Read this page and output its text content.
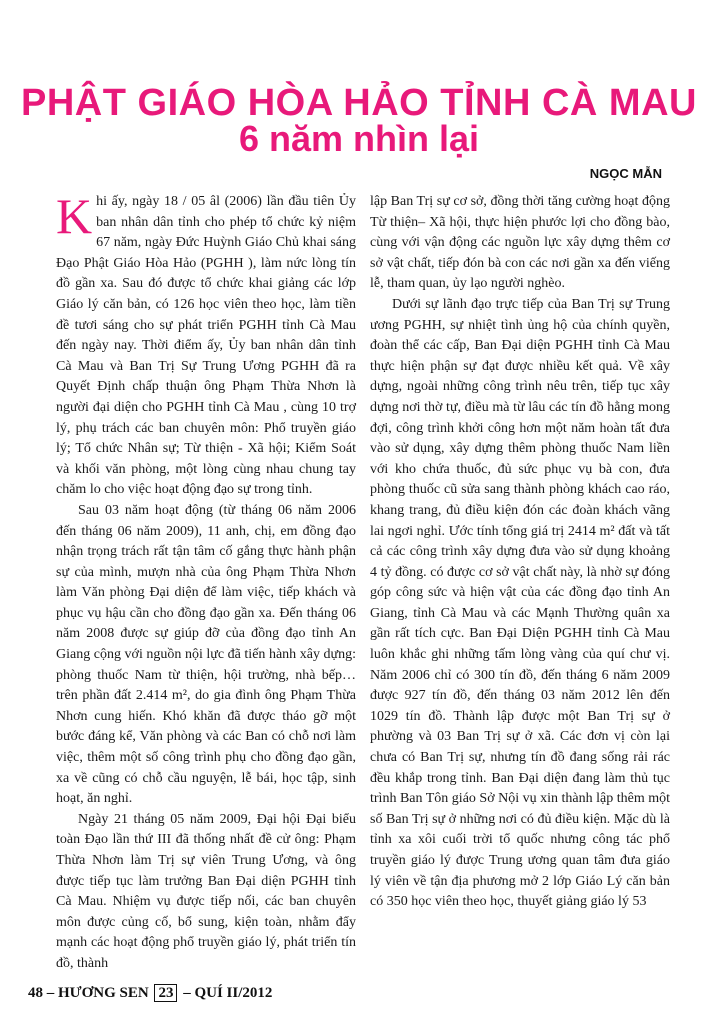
PHẬT GIÁO HÒA HẢO TỈNH CÀ MAU
6 năm nhìn lại
NGỌC MẪN

Khi ấy, ngày 18 / 05 âl (2006) lần đầu tiên Ủy ban nhân dân tỉnh cho phép tổ chức kỷ niệm 67 năm, ngày Đức Huỳnh Giáo Chủ khai sáng Đạo Phật Giáo Hòa Hảo (PGHH ), làm nức lòng tín đồ gần xa. Sau đó được tổ chức khai giảng các lớp Giáo lý căn bản, có 126 học viên theo học, làm tiền đề tươi sáng cho sự phát triển PGHH tỉnh Cà Mau đến ngày nay. Thời điểm ấy, Ủy ban nhân dân tỉnh Cà Mau và Ban Trị Sự Trung Ương PGHH đã ra Quyết Định chấp thuận ông Phạm Thừa Nhơn là người đại diện cho PGHH tỉnh Cà Mau , cùng 10 trợ lý, phụ trách các ban chuyên môn: Phổ truyền giáo lý; Tổ chức Nhân sự; Từ thiện - Xã hội; Kiểm Soát và khối văn phòng, một lòng cùng nhau chung tay chăm lo cho việc hoạt động đạo sự trong tỉnh.

Sau 03 năm hoạt động (từ tháng 06 năm 2006 đến tháng 06 năm 2009), 11 anh, chị, em đồng đạo nhận trọng trách rất tận tâm cố gắng thực hành phận sự của mình, mượn nhà của ông Phạm Thừa Nhơn làm Văn phòng Đại diện để làm việc, tiếp khách và phục vụ hậu cần cho đồng đạo gần xa. Đến tháng 06 năm 2008 được sự giúp đỡ của đồng đạo tỉnh An Giang cộng với nguồn nội lực đã tiến hành xây dựng: phòng thuốc Nam từ thiện, hội trường, nhà bếp… trên phần đất 2.414 m², do gia đình ông Phạm Thừa Nhơn cung hiến. Khó khăn đã được tháo gỡ một bước đáng kể, Văn phòng và các Ban có chỗ nơi làm việc, thêm một số công trình phụ cho đồng đạo gần, xa về cũng có chỗ cầu nguyện, lễ bái, học tập, sinh hoạt, ăn nghỉ.

Ngày 21 tháng 05 năm 2009, Đại hội Đại biểu toàn Đạo lần thứ III đã thống nhất đề cử ông: Phạm Thừa Nhơn làm Trị sự viên Trung Ương, và ông được tiếp tục làm trưởng Ban Đại diện PGHH tỉnh Cà Mau. Nhiệm vụ được tiếp nối, các ban chuyên môn được củng cố, bổ sung, kiện toàn, nhằm đẩy mạnh các hoạt động phổ truyền giáo lý, phát triển tín đồ, thành

lập Ban Trị sự cơ sở, đồng thời tăng cường hoạt động Từ thiện– Xã hội, thực hiện phước lợi cho đồng bào, cùng với vận động các nguồn lực xây dựng thêm cơ sở vật chất, tiếp đón bà con các nơi gần xa đến viếng lễ, tham quan, ủy lạo người nghèo.

Dưới sự lãnh đạo trực tiếp của Ban Trị sự Trung ương PGHH, sự nhiệt tình ủng hộ của chính quyền, đoàn thể các cấp, Ban Đại diện PGHH tỉnh Cà Mau thực hiện phận sự đạt được nhiều kết quả. Về xây dựng, ngoài những công trình nêu trên, tiếp tục xây dựng nơi thờ tự, điều mà từ lâu các tín đồ hằng mong đợi, công trình khởi công hơn một năm hoàn tất đưa vào sử dụng, xây dựng thêm phòng thuốc Nam liền với kho chứa thuốc, đủ sức phục vụ bà con, đưa phòng thuốc cũ sửa sang thành phòng khách cao ráo, khang trang, đủ điều kiện đón các đoàn khách vãng lai ngơi nghỉ. Ước tính tổng giá trị 2414 m² đất và tất cả các công trình xây dựng đưa vào sử dụng khoảng 4 tỷ đồng. có được cơ sở vật chất này, là nhờ sự đóng góp công sức và hiện vật của các đồng đạo tỉnh An Giang, tỉnh Cà Mau và các Mạnh Thường quân xa gần rất tích cực. Ban Đại Diện PGHH tỉnh Cà Mau luôn khắc ghi những tấm lòng vàng của quí chư vị. Năm 2006 chỉ có 300 tín đồ, đến tháng 6 năm 2009 được 927 tín đồ, đến tháng 03 năm 2012 lên đến 1029 tín đồ. Thành lập được một Ban Trị sự ở phường và 03 Ban Trị sự ở xã. Các đơn vị còn lại chưa có Ban Trị sự, nhưng tín đồ đang sống rải rác đều khắp trong tỉnh. Ban Đại diện đang làm thủ tục trình Ban Tôn giáo Sở Nội vụ xin thành lập thêm một số Ban Trị sự ở những nơi có đủ điều kiện. Mặc dù là tỉnh xa xôi cuối trời tổ quốc nhưng công tác phổ truyền giáo lý được Trung ương quan tâm đưa giáo lý viên về tận địa phương mở 2 lớp Giáo Lý căn bản có 350 học viên theo học, thuyết giảng giáo lý 53

48 – HƯƠNG SEN 23 – QUÍ II/2012
